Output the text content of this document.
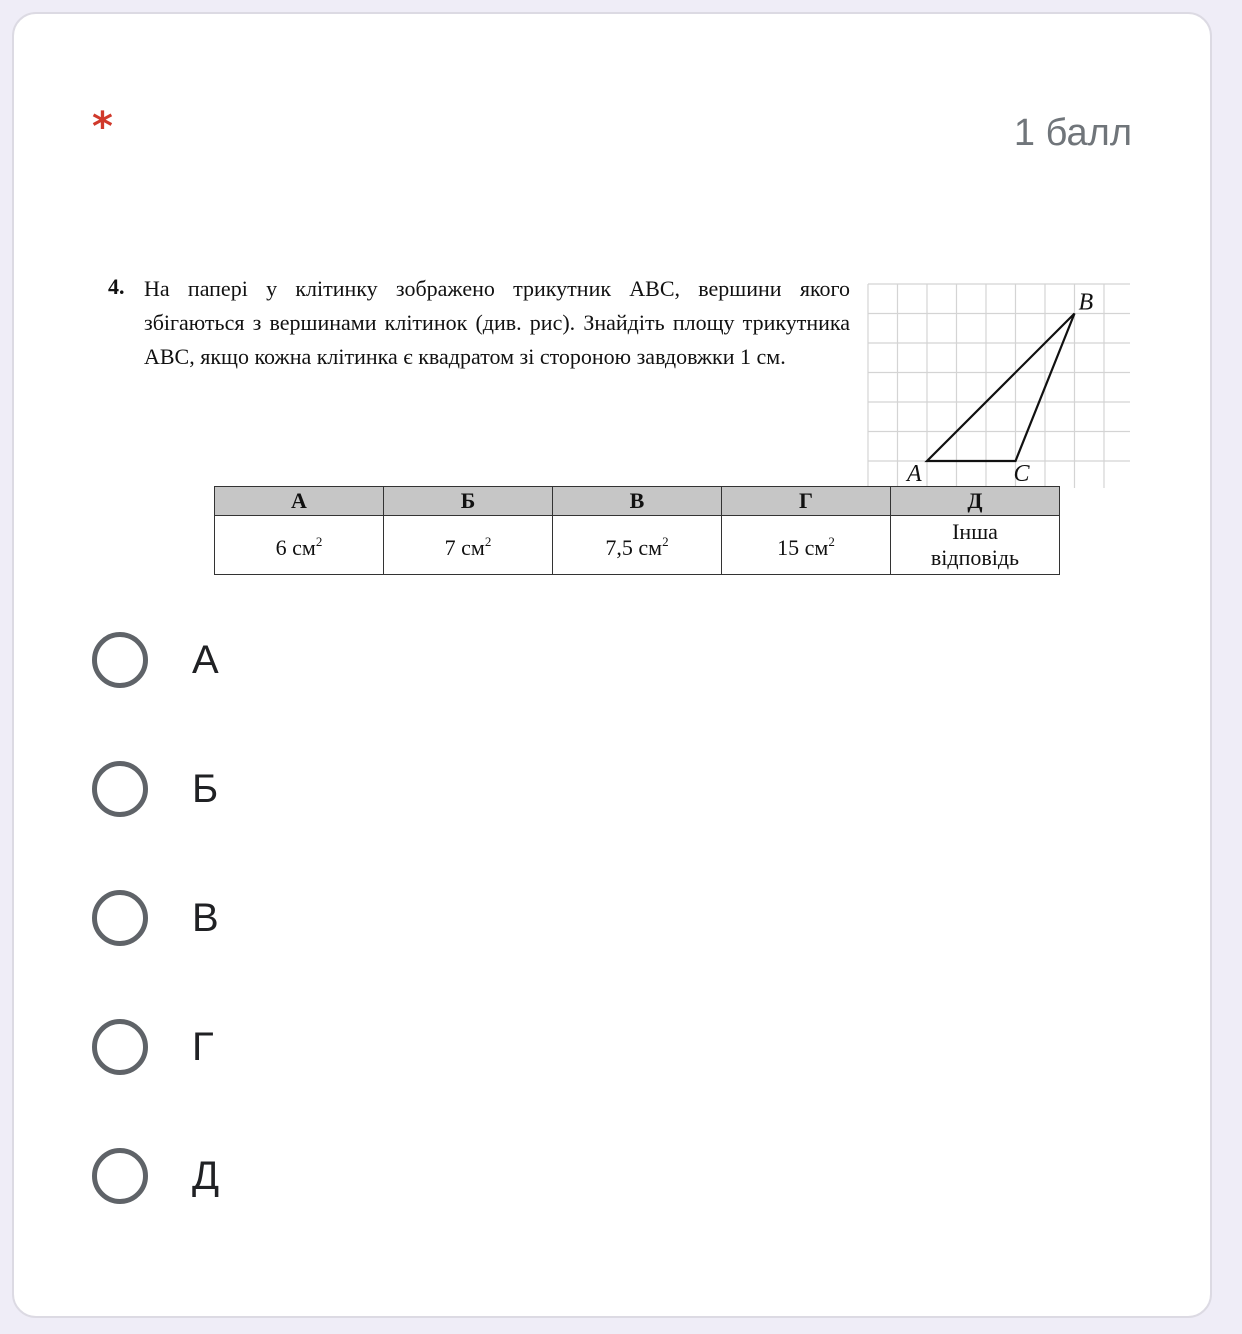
*	1 балл
4. На папері у клітинку зображено трикутник ABC, вершини якого збігаються з вершинами клітинок (див. рис). Знайдіть площу трикутника ABC, якщо кожна клітинка є квадратом зі стороною завдовжки 1 см.
A
B
C
А	Б	В	Г	Д
6 $см^2$	7 $см^2$	7,5 $см^2$	15 $см^2$	Інша
відповідь
А
Б
В
Г
Д
